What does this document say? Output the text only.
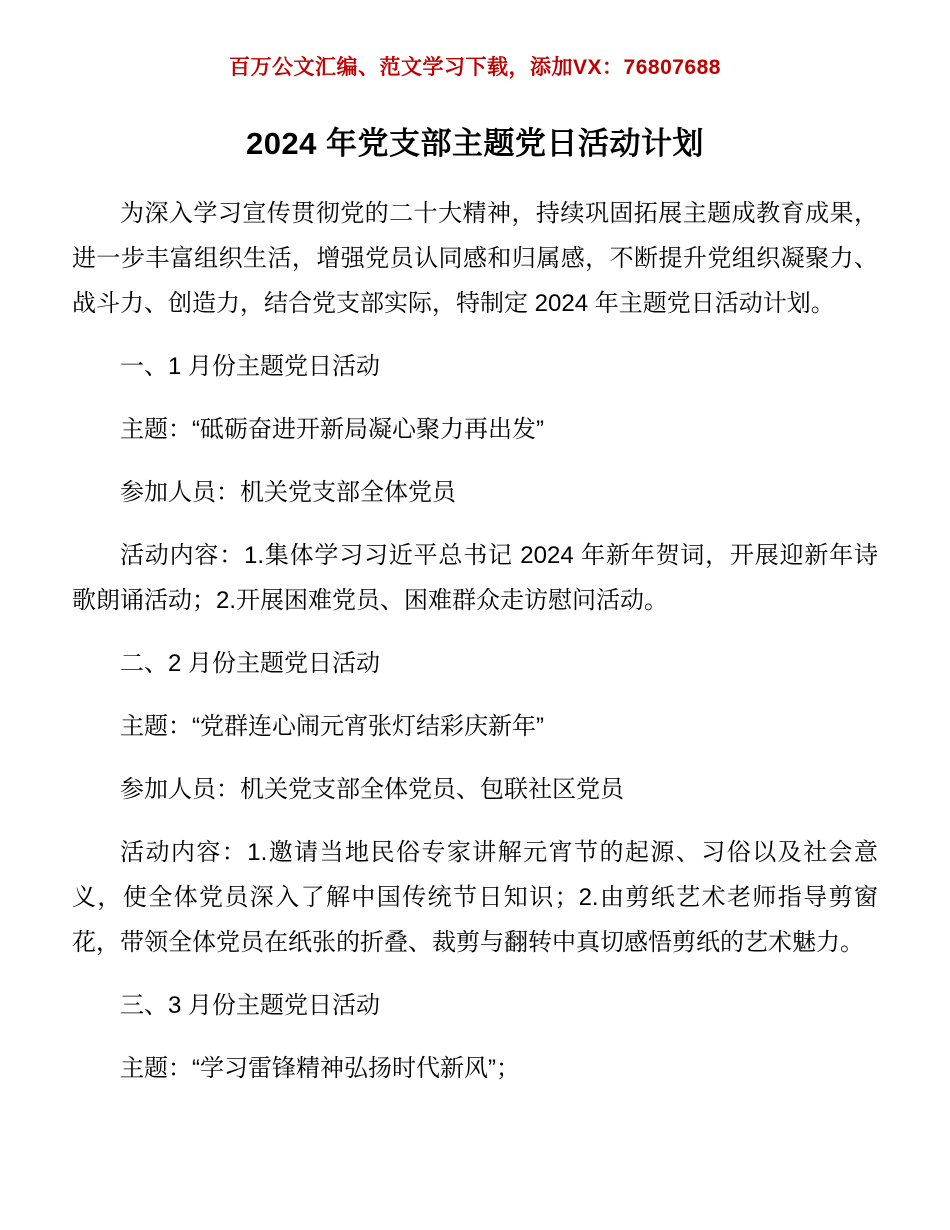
百万公文汇编、范文学习下载，添加VX：76807688
2024 年党支部主题党日活动计划

为深入学习宣传贯彻党的二十大精神，持续巩固拓展主题成教育成果，进一步丰富组织生活，增强党员认同感和归属感，不断提升党组织凝聚力、战斗力、创造力，结合党支部实际，特制定 2024 年主题党日活动计划。

一、1 月份主题党日活动

主题：“砥砺奋进开新局凝心聚力再出发”

参加人员：机关党支部全体党员

活动内容：1.集体学习习近平总书记 2024 年新年贺词，开展迎新年诗歌朗诵活动；2.开展困难党员、困难群众走访慰问活动。

二、2 月份主题党日活动

主题：“党群连心闹元宵张灯结彩庆新年”

参加人员：机关党支部全体党员、包联社区党员

活动内容：1.邀请当地民俗专家讲解元宵节的起源、习俗以及社会意义，使全体党员深入了解中国传统节日知识；2.由剪纸艺术老师指导剪窗花，带领全体党员在纸张的折叠、裁剪与翻转中真切感悟剪纸的艺术魅力。

三、3 月份主题党日活动

主题：“学习雷锋精神弘扬时代新风”；
